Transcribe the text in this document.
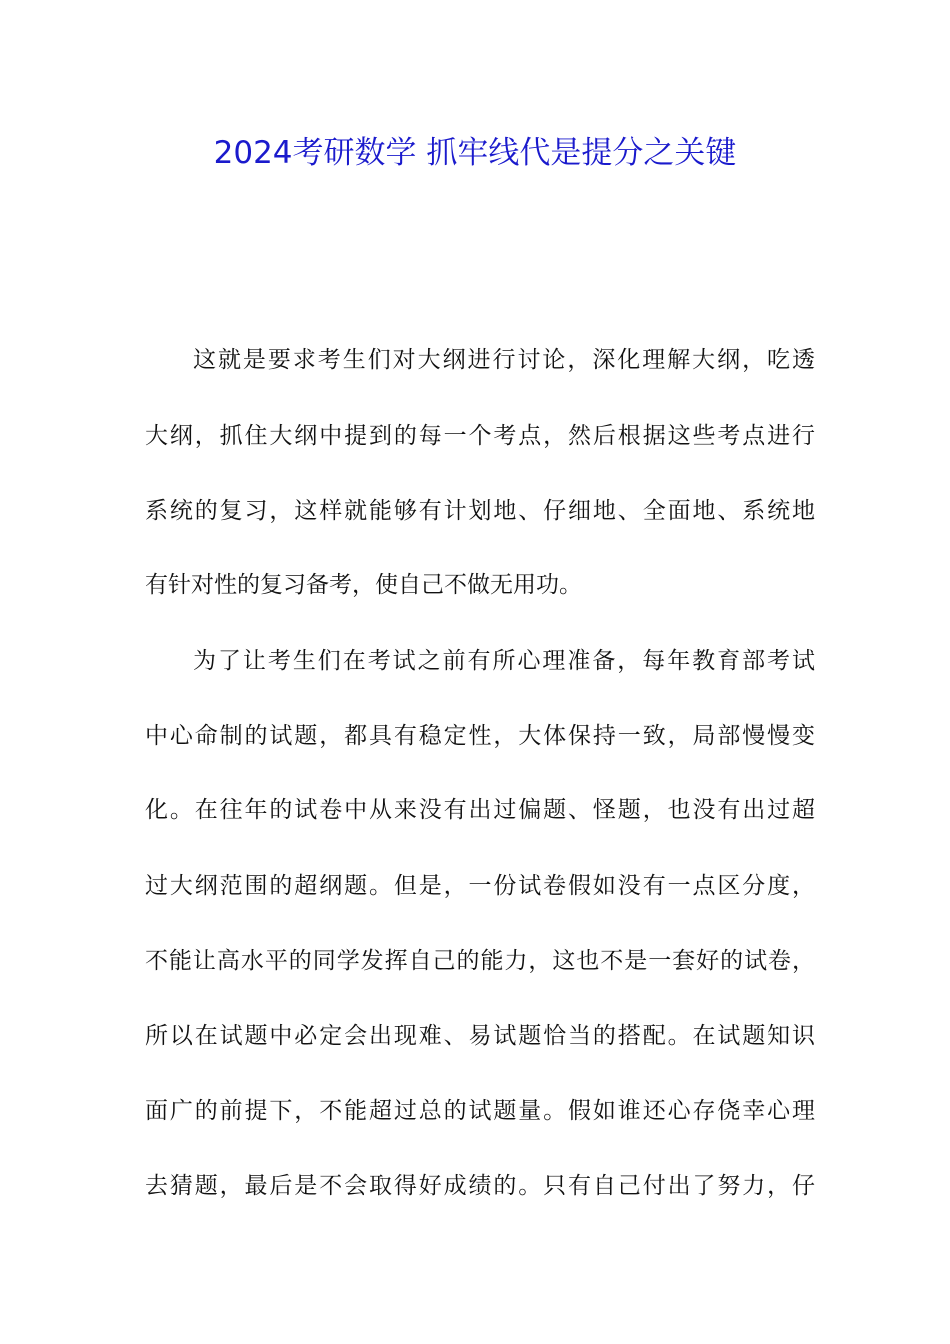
2024考研数学 抓牢线代是提分之关键
这就是要求考生们对大纲进行讨论，深化理解大纲，吃透
大纲，抓住大纲中提到的每一个考点，然后根据这些考点进行
系统的复习，这样就能够有计划地、仔细地、全面地、系统地
有针对性的复习备考，使自己不做无用功。
为了让考生们在考试之前有所心理准备，每年教育部考试
中心命制的试题，都具有稳定性，大体保持一致，局部慢慢变
化。在往年的试卷中从来没有出过偏题、怪题，也没有出过超
过大纲范围的超纲题。但是，一份试卷假如没有一点区分度，
不能让高水平的同学发挥自己的能力，这也不是一套好的试卷，
所以在试题中必定会出现难、易试题恰当的搭配。在试题知识
面广的前提下，不能超过总的试题量。假如谁还心存侥幸心理
去猜题，最后是不会取得好成绩的。只有自己付出了努力，仔
